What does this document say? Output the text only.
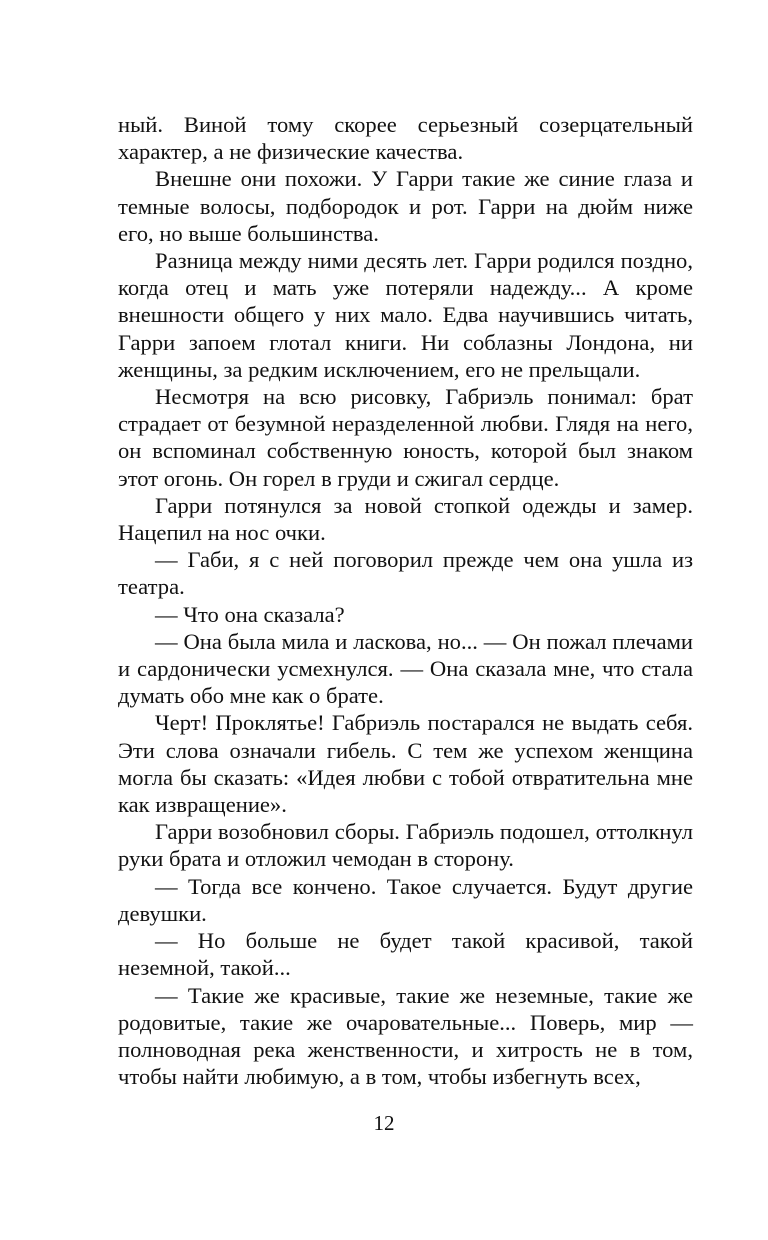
ный. Виной тому скорее серьезный созерцательный характер, а не физические качества.

Внешне они похожи. У Гарри такие же синие глаза и темные волосы, подбородок и рот. Гарри на дюйм ниже его, но выше большинства.

Разница между ними десять лет. Гарри родился поздно, когда отец и мать уже потеряли надежду... А кроме внешности общего у них мало. Едва научившись читать, Гарри запоем глотал книги. Ни соблазны Лондона, ни женщины, за редким исключением, его не прельщали.

Несмотря на всю рисовку, Габриэль понимал: брат страдает от безумной неразделенной любви. Глядя на него, он вспоминал собственную юность, которой был знаком этот огонь. Он горел в груди и сжигал сердце.

Гарри потянулся за новой стопкой одежды и замер. Нацепил на нос очки.

— Габи, я с ней поговорил прежде чем она ушла из театра.

— Что она сказала?

— Она была мила и ласкова, но... — Он пожал плечами и сардонически усмехнулся. — Она сказала мне, что стала думать обо мне как о брате.

Черт! Проклятье! Габриэль постарался не выдать себя. Эти слова означали гибель. С тем же успехом женщина могла бы сказать: «Идея любви с тобой отвратительна мне как извращение».

Гарри возобновил сборы. Габриэль подошел, оттолкнул руки брата и отложил чемодан в сторону.

— Тогда все кончено. Такое случается. Будут другие девушки.

— Но больше не будет такой красивой, такой неземной, такой...

— Такие же красивые, такие же неземные, такие же родовитые, такие же очаровательные... Поверь, мир — полноводная река женственности, и хитрость не в том, чтобы найти любимую, а в том, чтобы избегнуть всех,

12
